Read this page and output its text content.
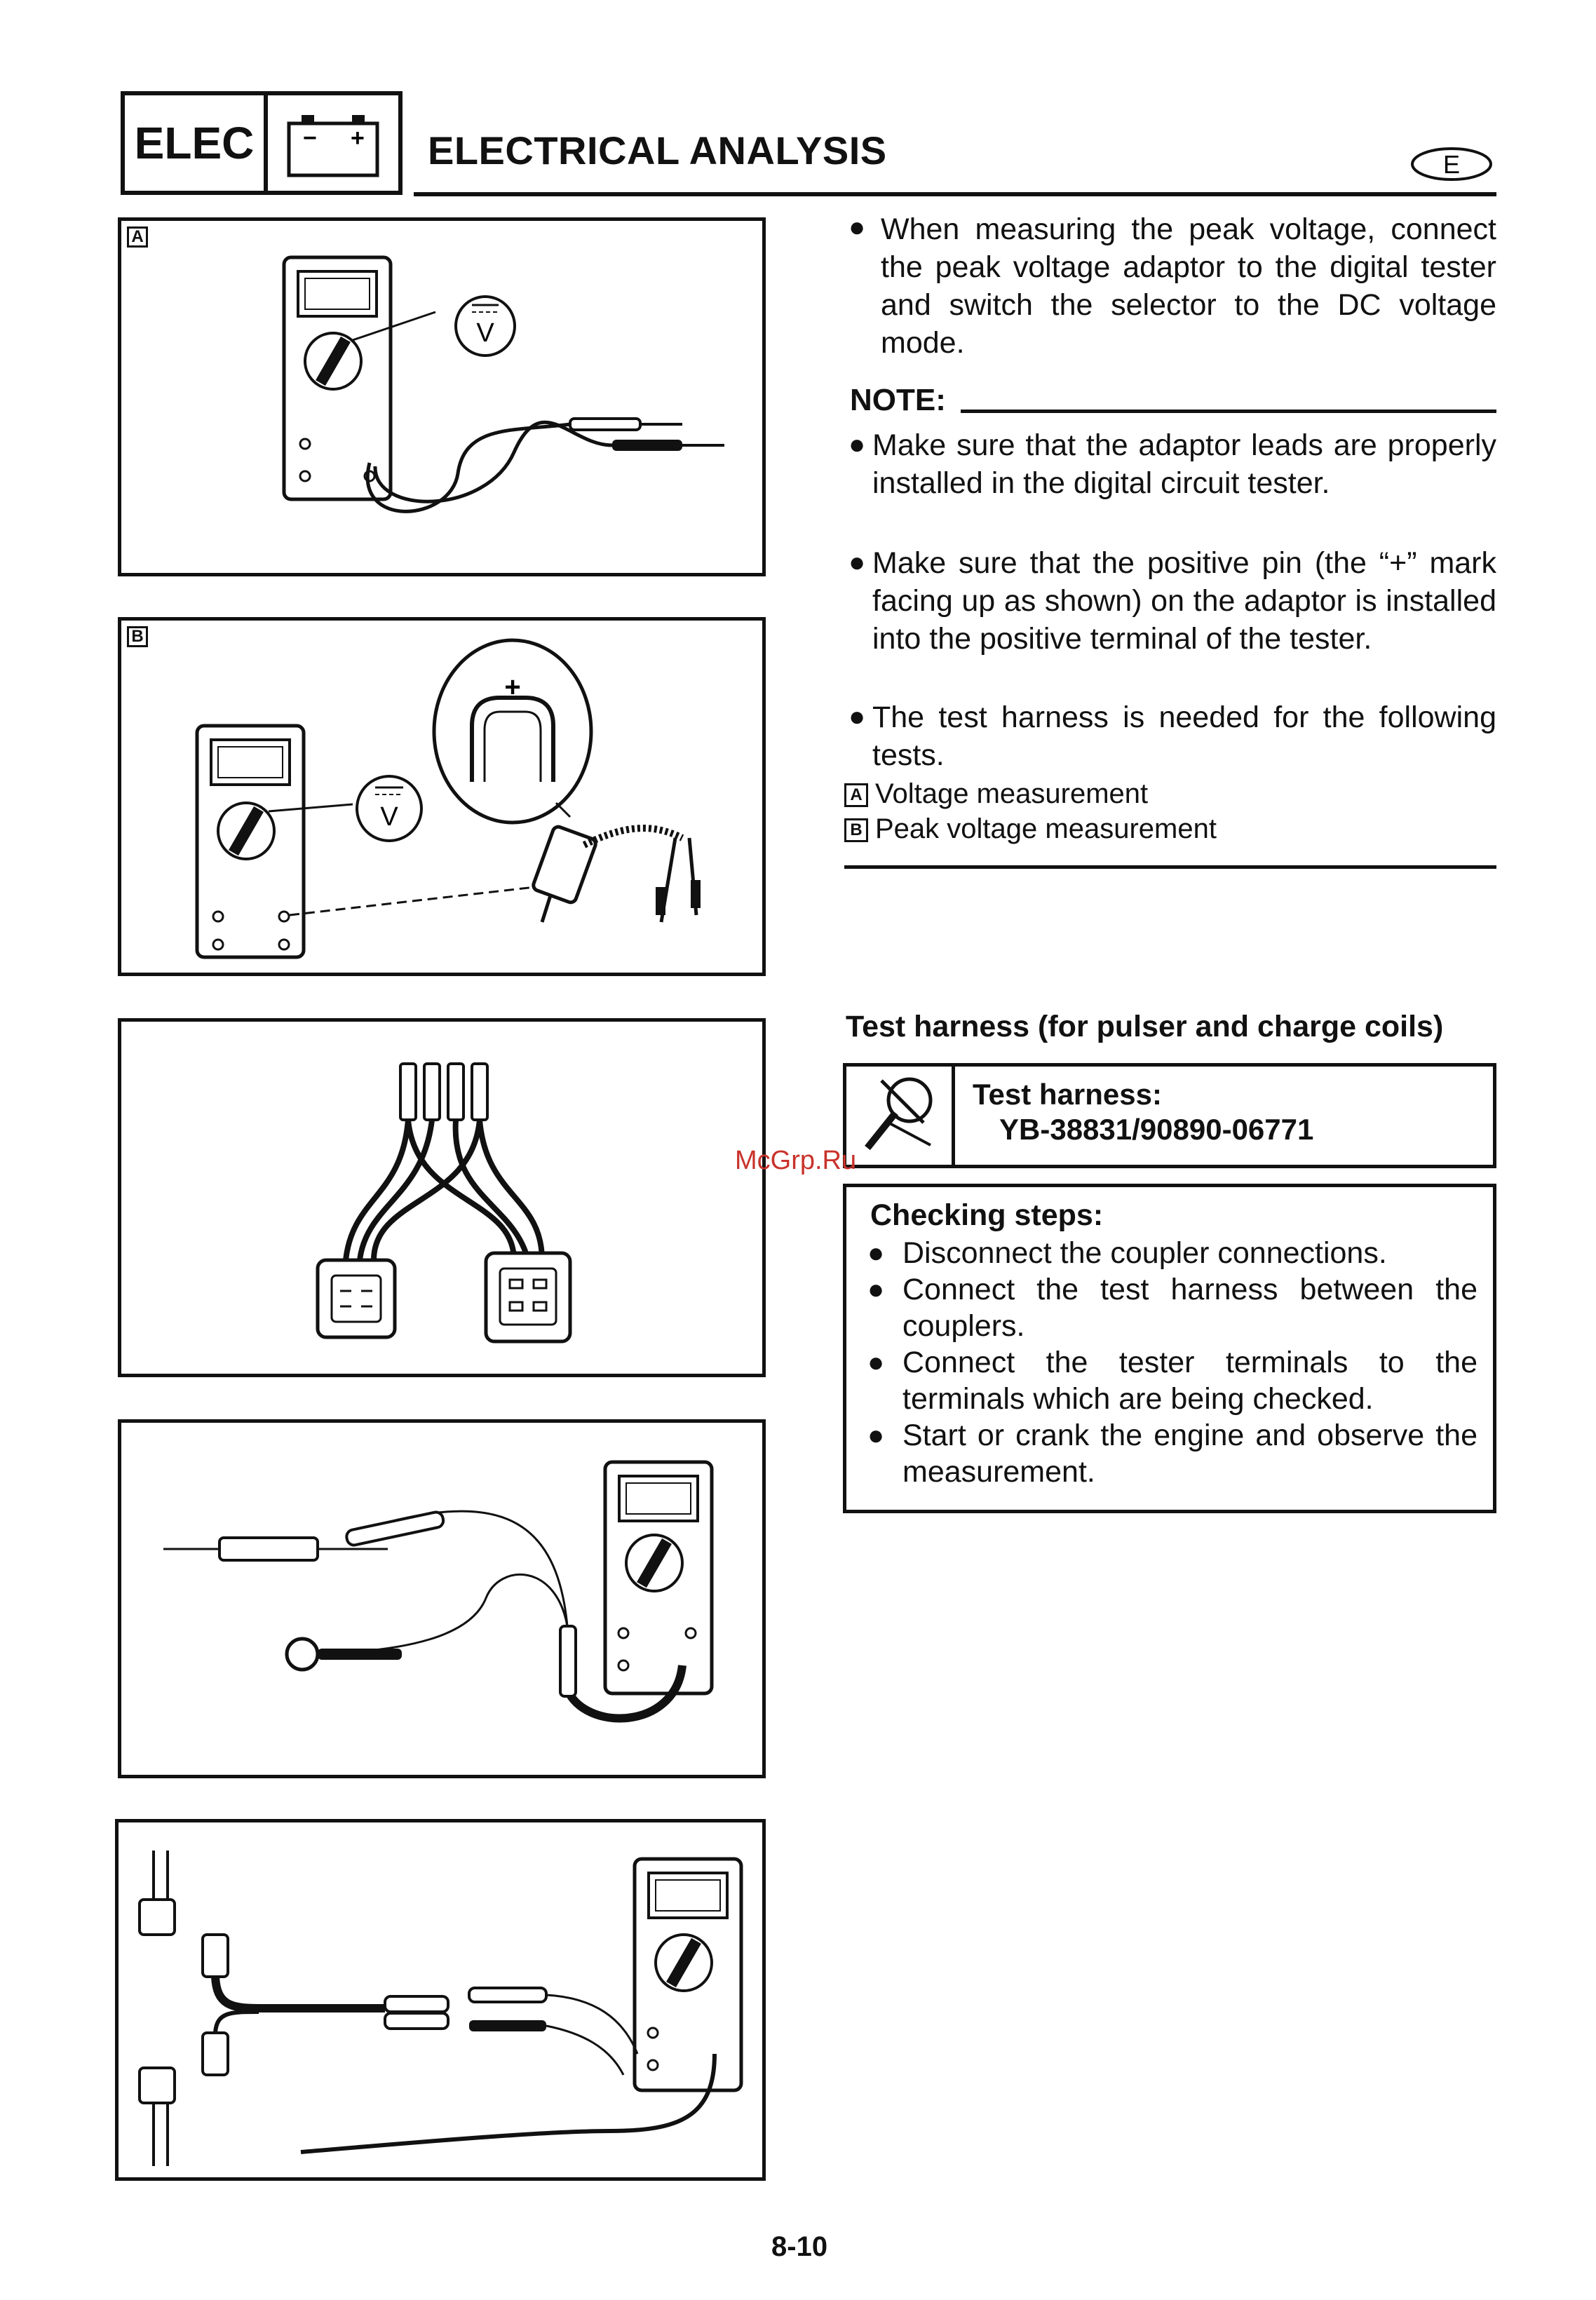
ELEC − + ELECTRICAL ANALYSIS	E
A
V
B
V
+
● When measuring the peak voltage, connect the peak voltage adaptor to the digital tester and switch the selector to the DC voltage mode.
NOTE:
● Make sure that the adaptor leads are properly installed in the digital circuit tester.
● Make sure that the positive pin (the “+” mark facing up as shown) on the adaptor is installed into the positive terminal of the tester.
● The test harness is needed for the following tests.
A Voltage measurement
B Peak voltage measurement
Test harness (for pulser and charge coils)
Test harness:
YB-38831/90890-06771
McGrp.Ru
Checking steps:
● Disconnect the coupler connections.
● Connect the test harness between the couplers.
● Connect the tester terminals to the terminals which are being checked.
● Start or crank the engine and observe the measurement.
8-10
